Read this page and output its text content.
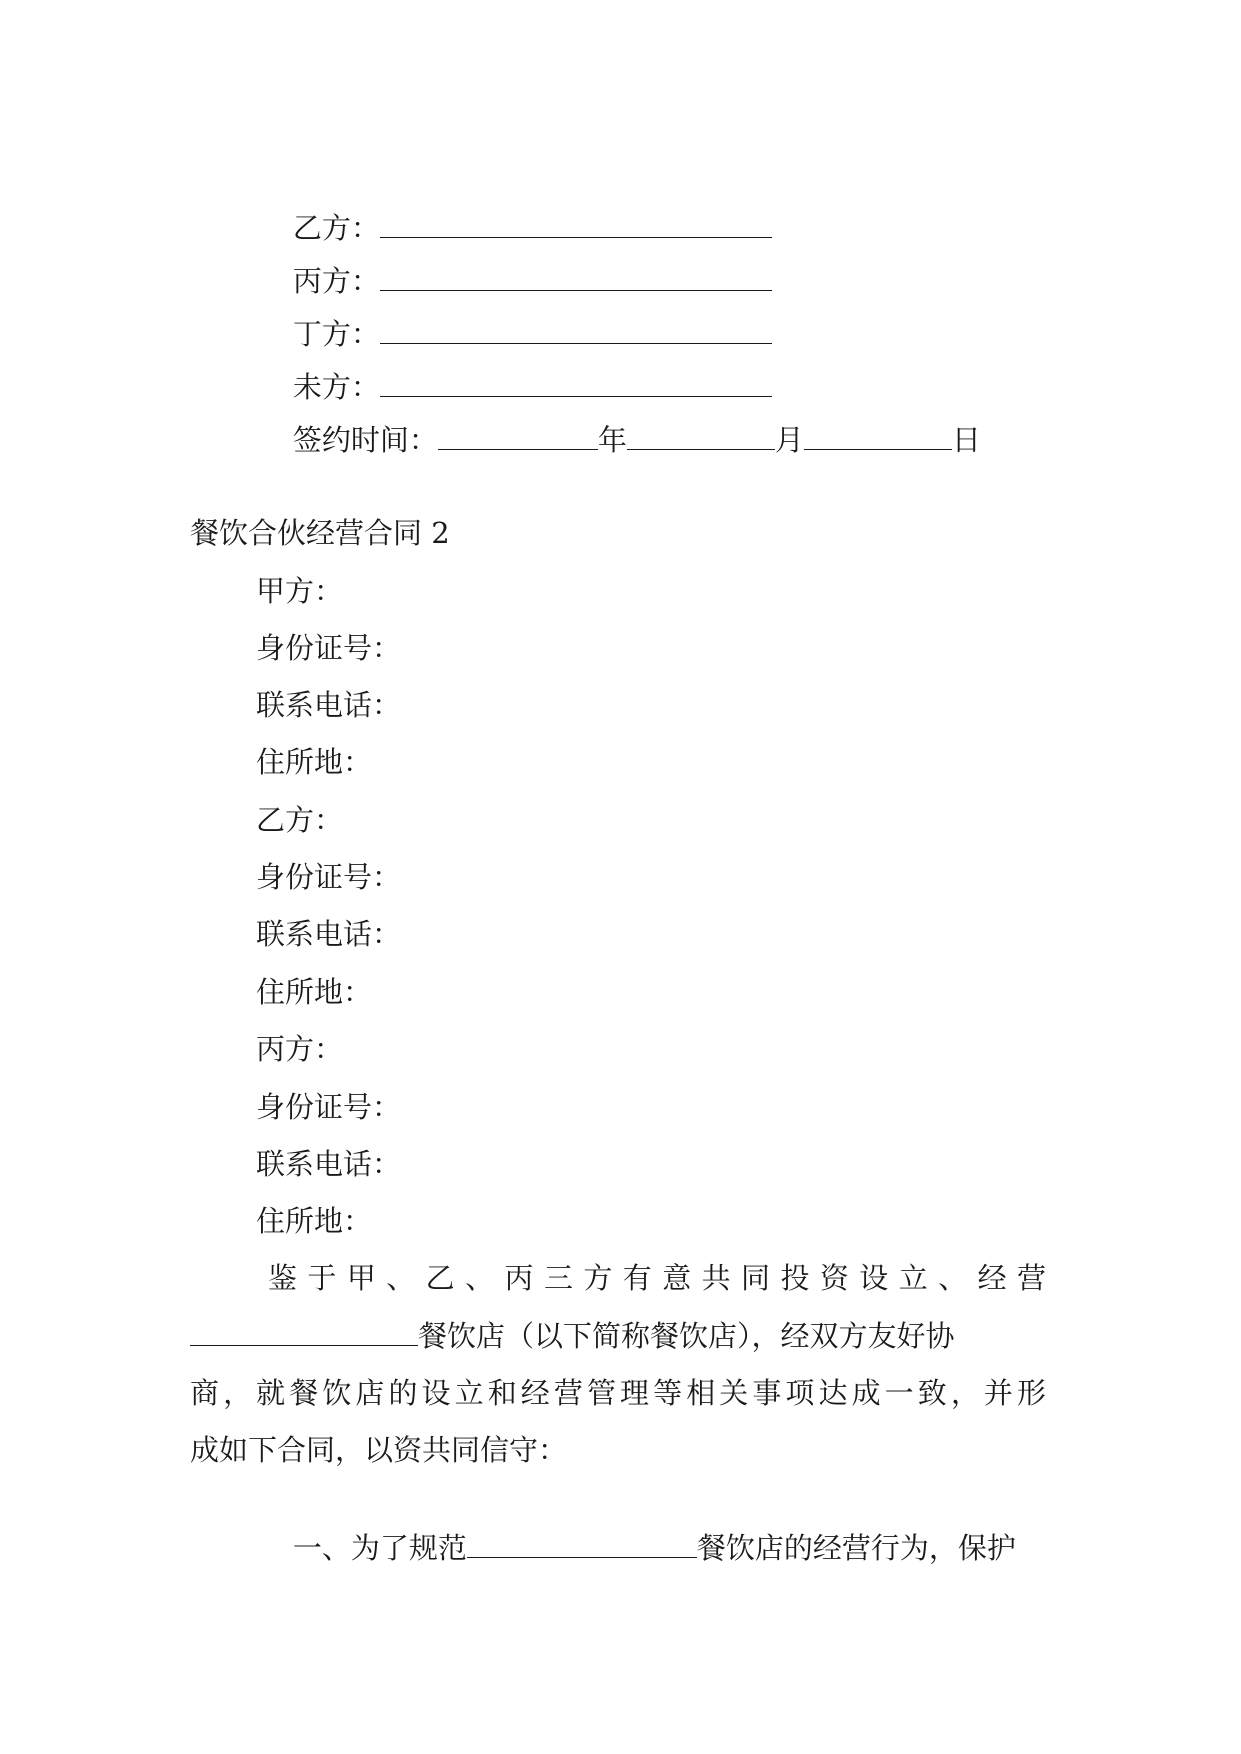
乙方：

丙方：

丁方：

未方：

签约时间：	年	月	日

餐饮合伙经营合同 2
甲方：
身份证号：
联系电话：
住所地：
乙方：
身份证号：
联系电话：
住所地：
丙方：
身份证号：
联系电话：
住所地：
鉴于甲、乙、丙三方有意共同投资设立、经营
餐饮店（以下简称餐饮店），经双方友好协
商，就餐饮店的设立和经营管理等相关事项达成一致，并形
成如下合同，以资共同信守：

一、为了规范	餐饮店的经营行为，保护
